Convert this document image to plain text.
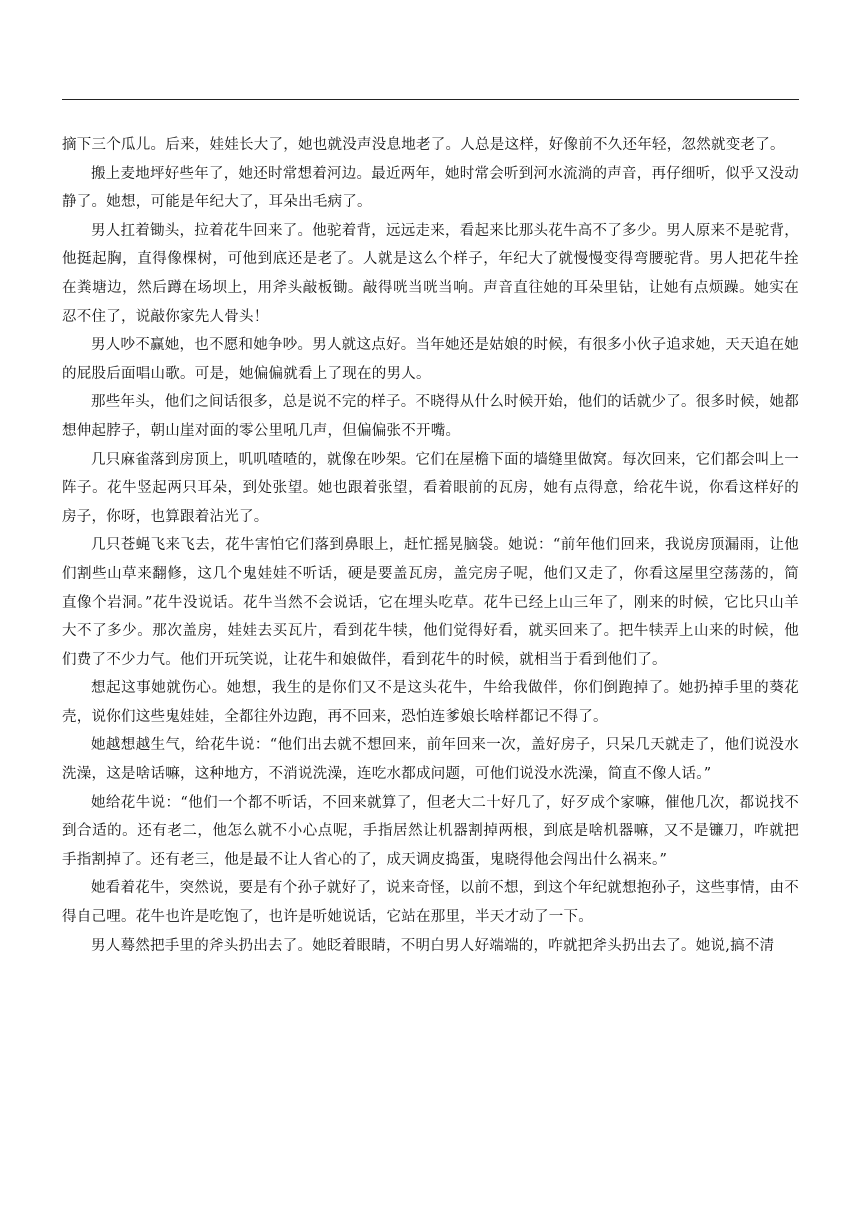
摘下三个瓜儿。后来，娃娃长大了，她也就没声没息地老了。人总是这样，好像前不久还年轻，忽然就变老了。

搬上麦地坪好些年了，她还时常想着河边。最近两年，她时常会听到河水流淌的声音，再仔细听，似乎又没动静了。她想，可能是年纪大了，耳朵出毛病了。

男人扛着锄头，拉着花牛回来了。他驼着背，远远走来，看起来比那头花牛高不了多少。男人原来不是驼背，他挺起胸，直得像棵树，可他到底还是老了。人就是这么个样子，年纪大了就慢慢变得弯腰驼背。男人把花牛拴在粪塘边，然后蹲在场坝上，用斧头敲板锄。敲得咣当咣当响。声音直往她的耳朵里钻，让她有点烦躁。她实在忍不住了，说敲你家先人骨头！

男人吵不赢她，也不愿和她争吵。男人就这点好。当年她还是姑娘的时候，有很多小伙子追求她，天天追在她的屁股后面唱山歌。可是，她偏偏就看上了现在的男人。

那些年头，他们之间话很多，总是说不完的样子。不晓得从什么时候开始，他们的话就少了。很多时候，她都想伸起脖子，朝山崖对面的零公里吼几声，但偏偏张不开嘴。

几只麻雀落到房顶上，叽叽喳喳的，就像在吵架。它们在屋檐下面的墙缝里做窝。每次回来，它们都会叫上一阵子。花牛竖起两只耳朵，到处张望。她也跟着张望，看着眼前的瓦房，她有点得意，给花牛说，你看这样好的房子，你呀，也算跟着沾光了。

几只苍蝇飞来飞去，花牛害怕它们落到鼻眼上，赶忙摇晃脑袋。她说：“前年他们回来，我说房顶漏雨，让他们割些山草来翻修，这几个鬼娃娃不听话，硬是要盖瓦房，盖完房子呢，他们又走了，你看这屋里空荡荡的，简直像个岩洞。”花牛没说话。花牛当然不会说话，它在埋头吃草。花牛已经上山三年了，刚来的时候，它比只山羊大不了多少。那次盖房，娃娃去买瓦片，看到花牛犊，他们觉得好看，就买回来了。把牛犊弄上山来的时候，他们费了不少力气。他们开玩笑说，让花牛和娘做伴，看到花牛的时候，就相当于看到他们了。

想起这事她就伤心。她想，我生的是你们又不是这头花牛，牛给我做伴，你们倒跑掉了。她扔掉手里的葵花壳，说你们这些鬼娃娃，全都往外边跑，再不回来，恐怕连爹娘长啥样都记不得了。

她越想越生气，给花牛说：“他们出去就不想回来，前年回来一次，盖好房子，只呆几天就走了，他们说没水洗澡，这是啥话嘛，这种地方，不消说洗澡，连吃水都成问题，可他们说没水洗澡，简直不像人话。”

她给花牛说：“他们一个都不听话，不回来就算了，但老大二十好几了，好歹成个家嘛，催他几次，都说找不到合适的。还有老二，他怎么就不小心点呢，手指居然让机器割掉两根，到底是啥机器嘛，又不是镰刀，咋就把手指割掉了。还有老三，他是最不让人省心的了，成天调皮捣蛋，鬼晓得他会闯出什么祸来。”

她看着花牛，突然说，要是有个孙子就好了，说来奇怪，以前不想，到这个年纪就想抱孙子，这些事情，由不得自己哩。花牛也许是吃饱了，也许是听她说话，它站在那里，半天才动了一下。

男人蓦然把手里的斧头扔出去了。她眨着眼睛，不明白男人好端端的，咋就把斧头扔出去了。她说,搞不清
